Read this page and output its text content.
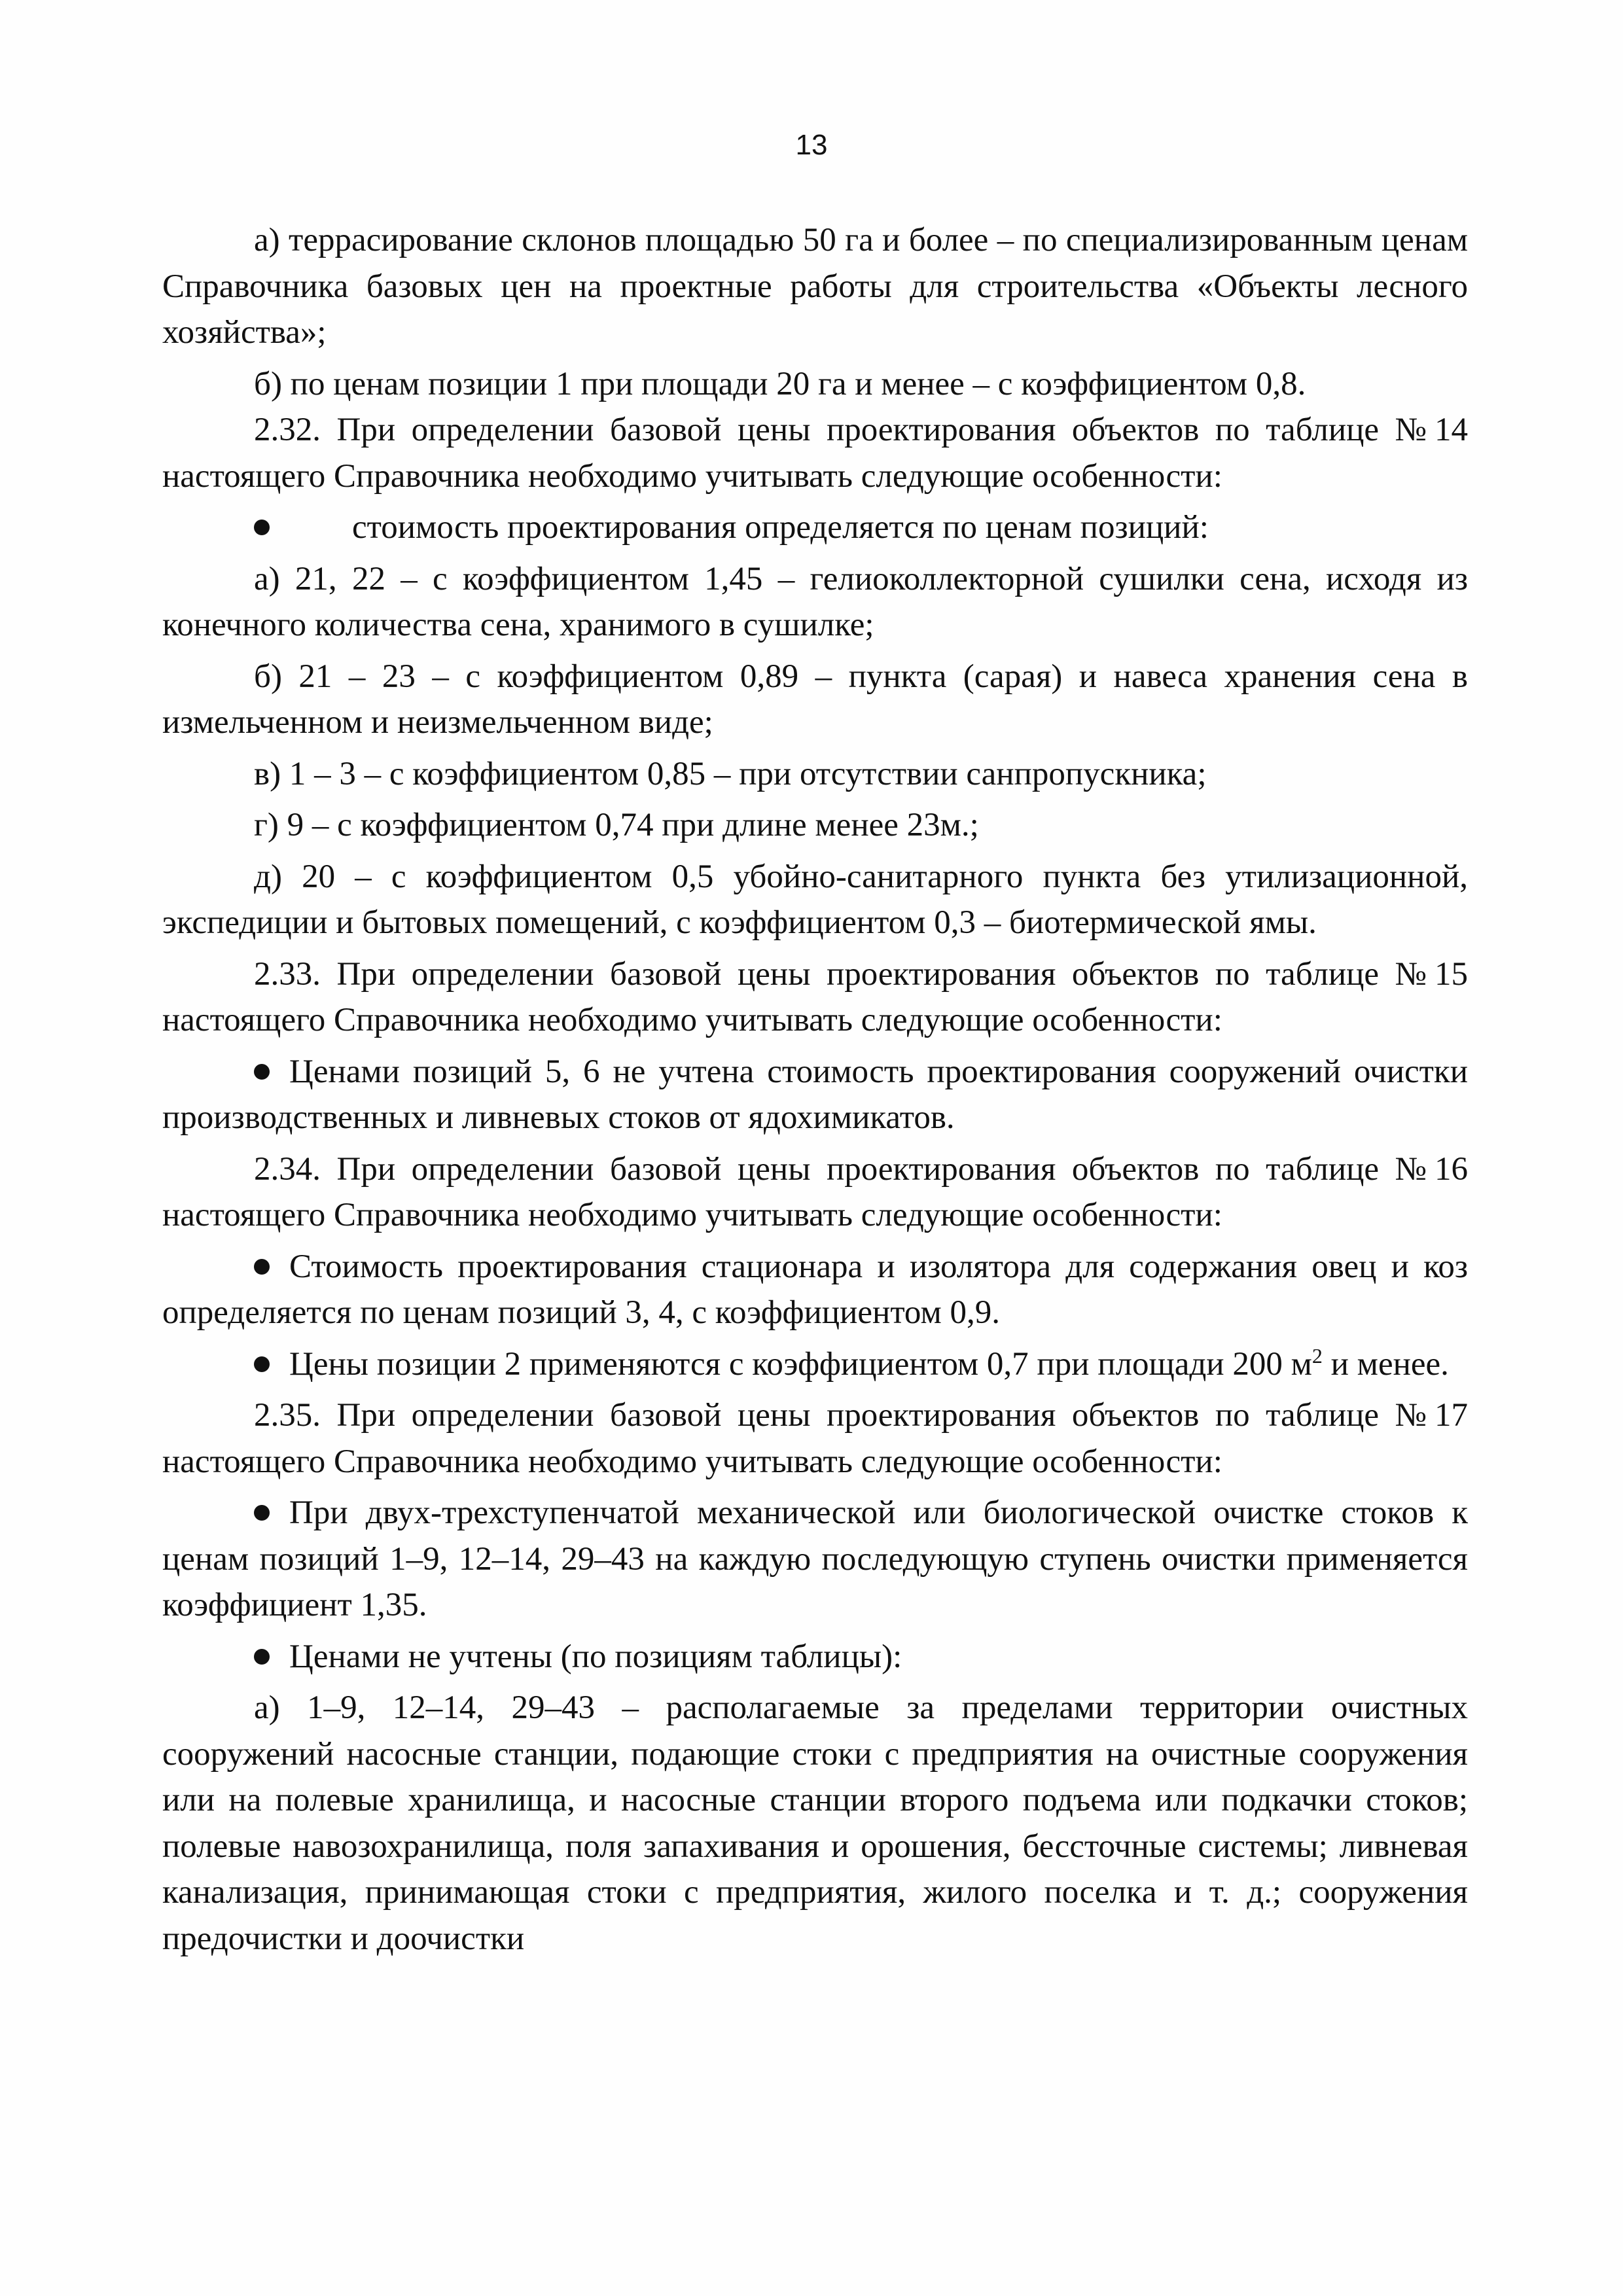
13

а) террасирование склонов площадью 50 га и более – по специализированным ценам Справочника базовых цен на проектные работы для строительства «Объекты лесного хозяйства»;

б) по ценам позиции 1 при площади 20 га и менее – с коэффициентом 0,8.

2.32. При определении базовой цены проектирования объектов по таблице №14 настоящего Справочника необходимо учитывать следующие особенности:

стоимость проектирования определяется по ценам позиций:

а) 21, 22 – с коэффициентом 1,45 – гелиоколлекторной сушилки сена, исходя из конечного количества сена, хранимого в сушилке;

б) 21 – 23 – с коэффициентом 0,89 – пункта (сарая) и навеса хранения сена в измельченном и неизмельченном виде;

в) 1 – 3 – с коэффициентом 0,85 – при отсутствии санпропускника;

г) 9 – с коэффициентом 0,74 при длине менее 23м.;

д) 20 – с коэффициентом 0,5 убойно-санитарного пункта без утилизационной, экспедиции и бытовых помещений, с коэффициентом 0,3 – биотермической ямы.

2.33. При определении базовой цены проектирования объектов по таблице №15 настоящего Справочника необходимо учитывать следующие особенности:

Ценами позиций 5, 6 не учтена стоимость проектирования сооружений очистки производственных и ливневых стоков от ядохимикатов.

2.34. При определении базовой цены проектирования объектов по таблице №16 настоящего Справочника необходимо учитывать следующие особенности:

Стоимость проектирования стационара и изолятора для содержания овец и коз определяется по ценам позиций 3, 4, с коэффициентом 0,9.

Цены позиции 2 применяются с коэффициентом 0,7 при площади 200 $м^2$ и менее.

2.35. При определении базовой цены проектирования объектов по таблице №17 настоящего Справочника необходимо учитывать следующие особенности:

При двух-трехступенчатой механической или биологической очистке стоков к ценам позиций 1–9, 12–14, 29–43 на каждую последующую ступень очистки применяется коэффициент 1,35.

Ценами не учтены (по позициям таблицы):

а) 1–9, 12–14, 29–43 – располагаемые за пределами территории очистных сооружений насосные станции, подающие стоки с предприятия на очистные сооружения или на полевые хранилища, и насосные станции второго подъема или подкачки стоков; полевые навозохранилища, поля запахивания и орошения, бессточные системы; ливневая канализация, принимающая стоки с предприятия, жилого поселка и т. д.; сооружения предочистки и доочистки
